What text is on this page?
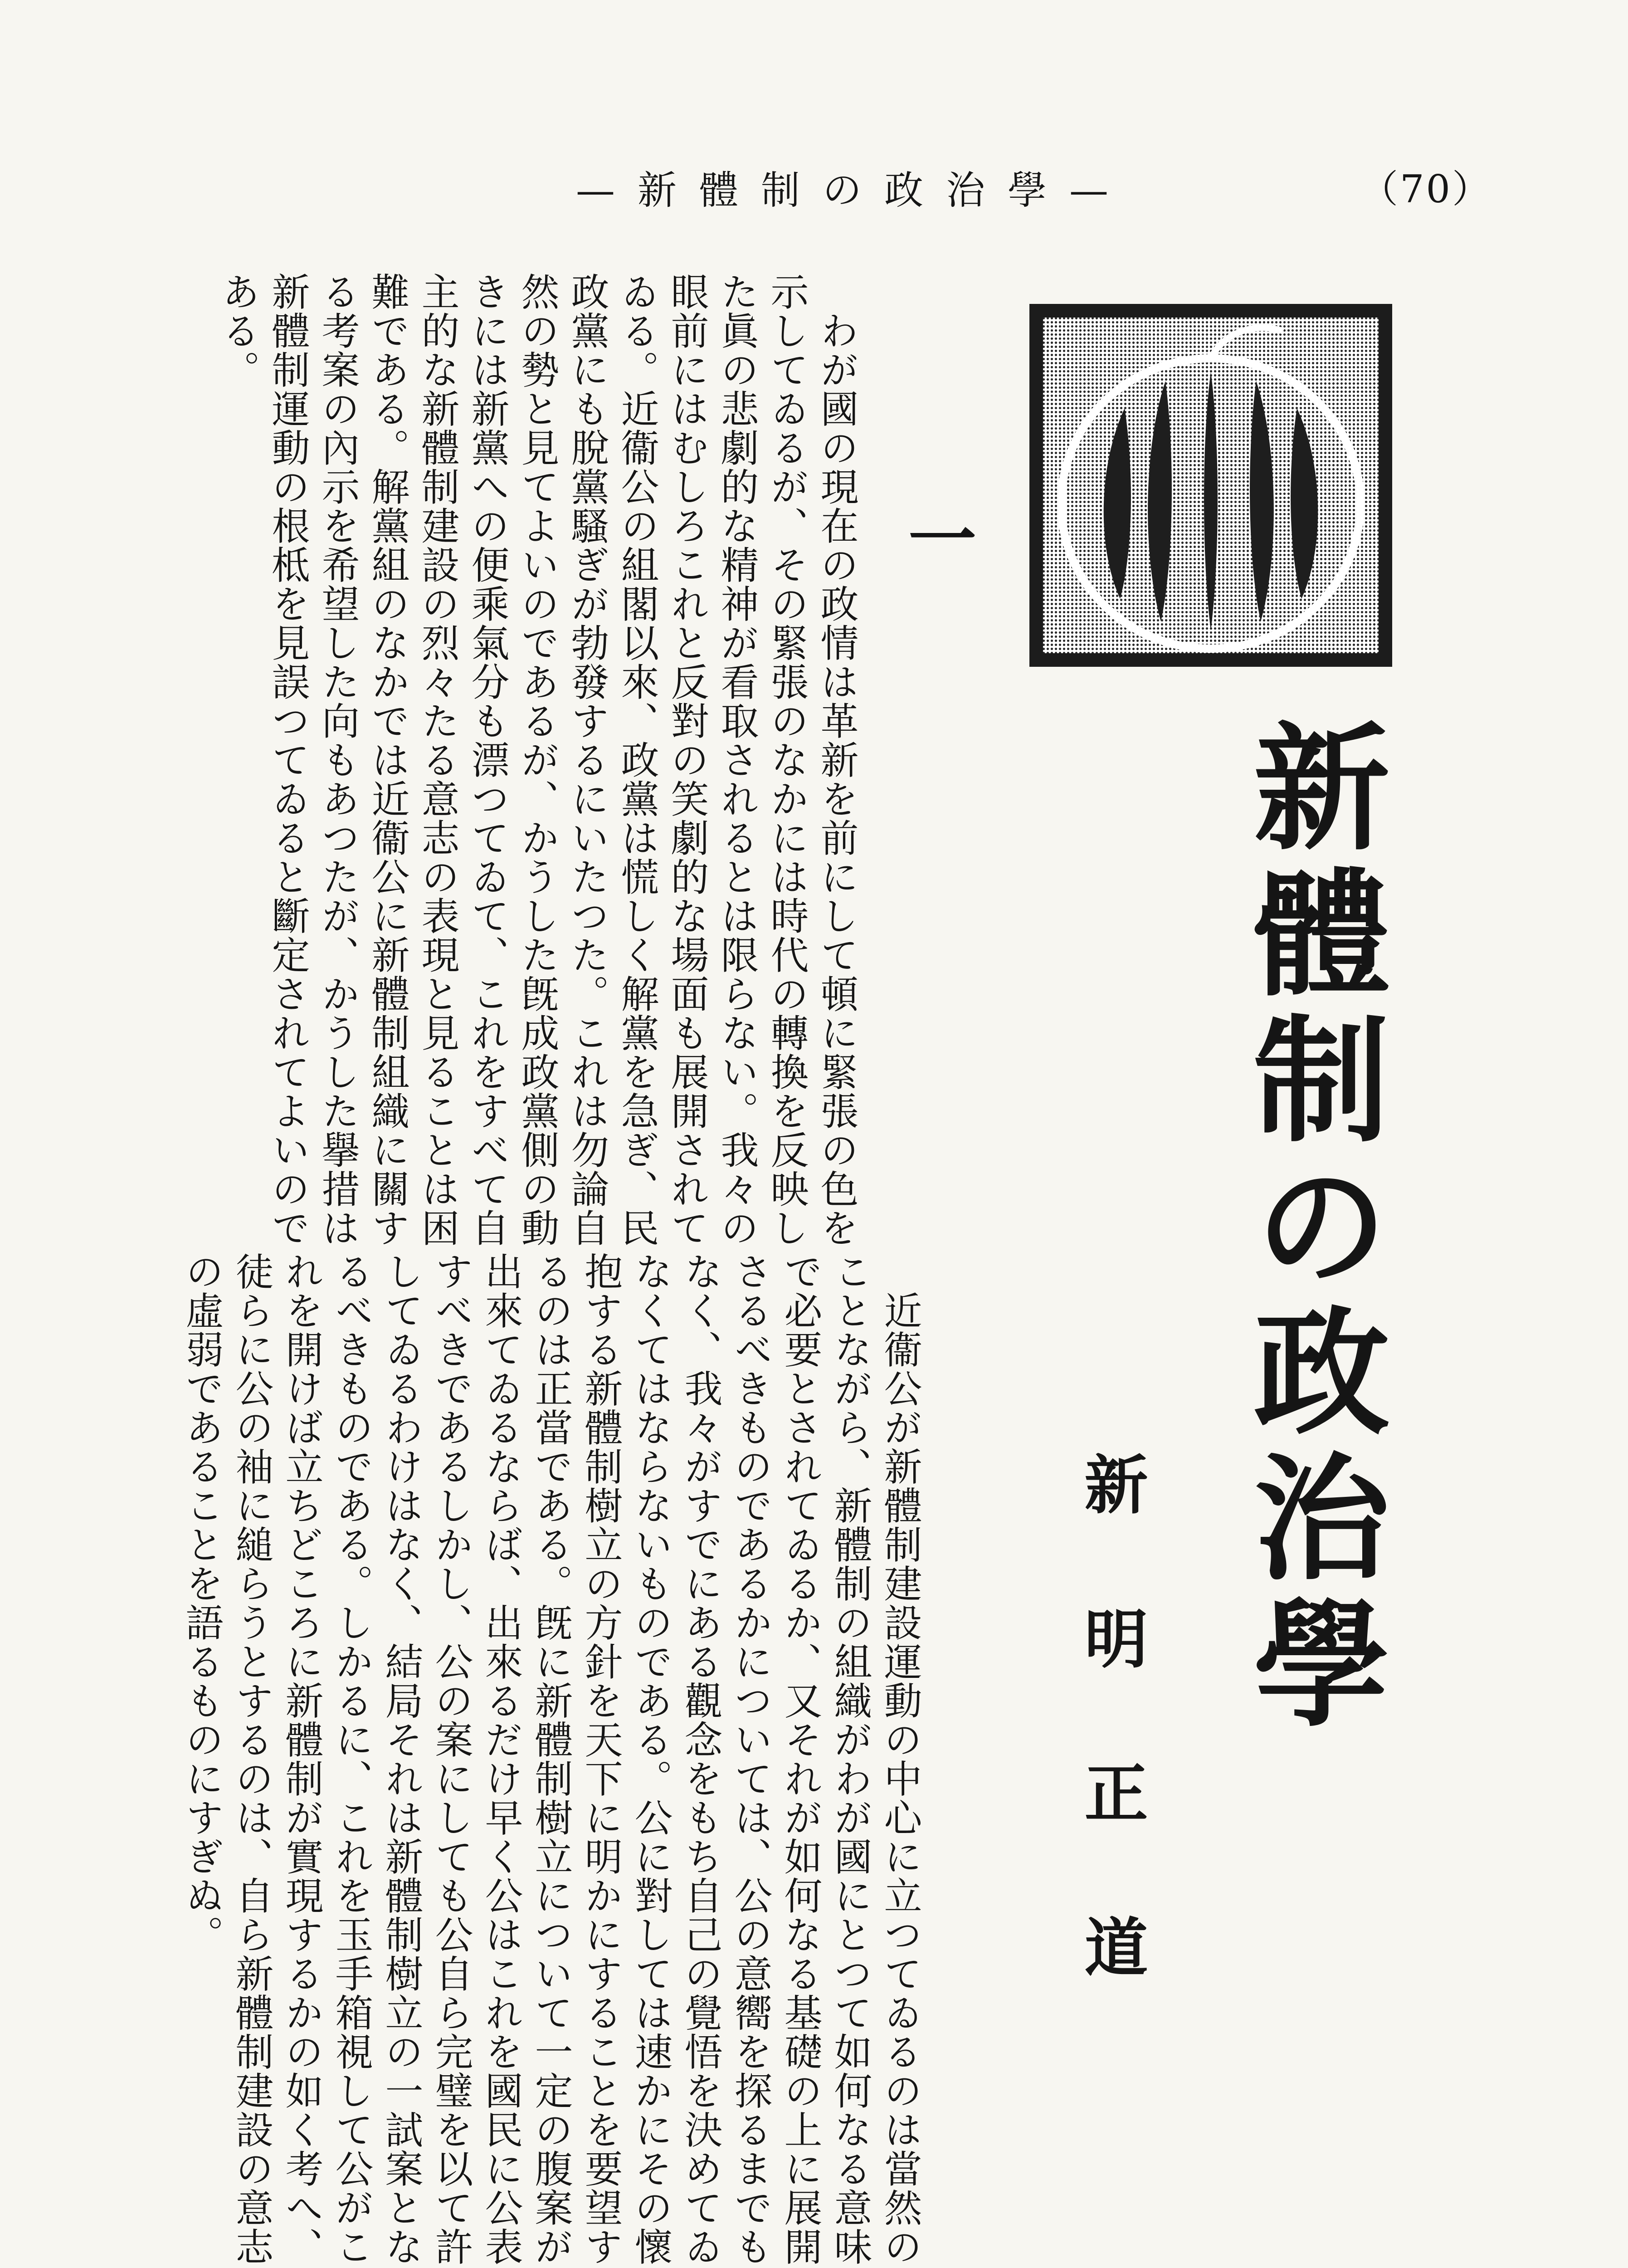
（70）
—新體制の政治學—
新體制の政治學
新明正道
一
　わが國の現在の政情は革新を前にして頓に緊張の色を示してゐるが、その緊張のなかには時代の轉換を反映した眞の悲劇的な精神が看取されるとは限らない。我々の眼前にはむしろこれと反對の笑劇的な場面も展開されてゐる。近衞公の組閣以來、政黨は慌しく解黨を急ぎ、民政黨にも脫黨騷ぎが勃發するにいたつた。これは勿論自然の勢と見てよいのであるが、かうした旣成政黨側の動きには新黨への便乘氣分も漂つてゐて、これをすべて自主的な新體制建設の烈々たる意志の表現と見ることは困難である。解黨組のなかでは近衞公に新體制組織に關する考案の內示を希望した向もあつたが、かうした擧措は新體制運動の根柢を見誤つてゐると斷定されてよいのである。
　近衞公が新體制建設運動の中心に立つてゐるのは當然のことながら、新體制の組織がわが國にとつて如何なる意味で必要とされてゐるか、又それが如何なる基礎の上に展開さるべきものであるかについては、公の意嚮を探るまでもなく、我々がすでにある觀念をもち自己の覺悟を決めてゐなくてはならないものである。公に對しては速かにその懷抱する新體制樹立の方針を天下に明かにすることを要望するのは正當である。旣に新體制樹立について一定の腹案が出來てゐるならば、出來るだけ早く公はこれを國民に公表すべきであるしかし、公の案にしても公自ら完璧を以て許してゐるわけはなく、結局それは新體制樹立の一試案となるべきものである。しかるに、これを玉手箱視して公がこれを開けば立ちどころに新體制が實現するかの如く考へ、徒らに公の袖に縋らうとするのは、自ら新體制建設の意志の虛弱であることを語るものにすぎぬ。
